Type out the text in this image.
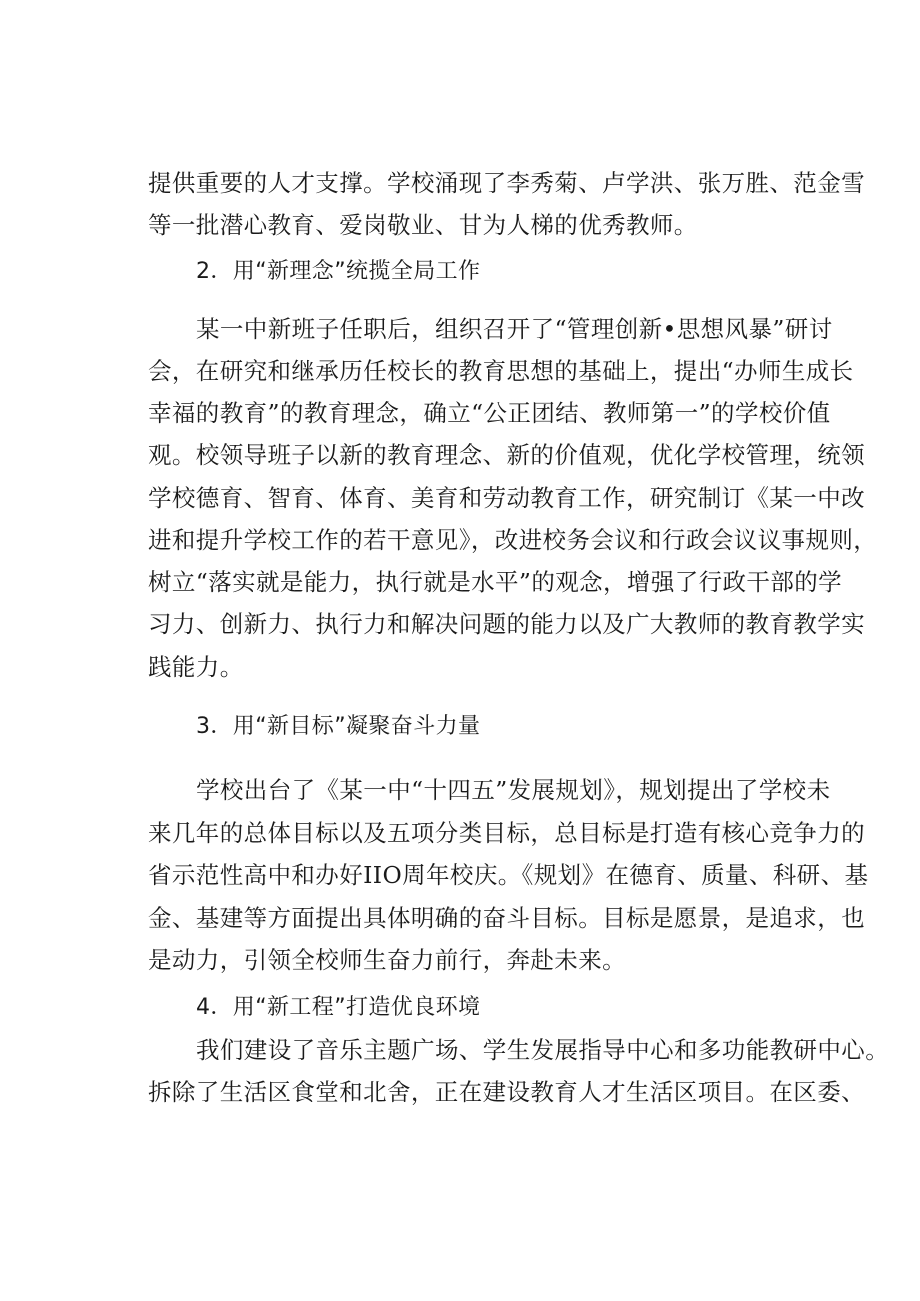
提供重要的人才支撑。学校涌现了李秀菊、卢学洪、张万胜、范金雪
等一批潜心教育、爱岗敬业、甘为人梯的优秀教师。
2．用“新理念”统揽全局工作
某一中新班子任职后，组织召开了“管理创新•思想风暴”研讨
会，在研究和继承历任校长的教育思想的基础上，提出“办师生成长
幸福的教育”的教育理念，确立“公正团结、教师第一”的学校价值
观。校领导班子以新的教育理念、新的价值观，优化学校管理，统领
学校德育、智育、体育、美育和劳动教育工作，研究制订《某一中改
进和提升学校工作的若干意见》，改进校务会议和行政会议议事规则，
树立“落实就是能力，执行就是水平”的观念，增强了行政干部的学
习力、创新力、执行力和解决问题的能力以及广大教师的教育教学实
践能力。
3．用“新目标”凝聚奋斗力量
学校出台了《某一中“十四五”发展规划》，规划提出了学校未
来几年的总体目标以及五项分类目标，总目标是打造有核心竞争力的
省示范性高中和办好IIO周年校庆。《规划》在德育、质量、科研、基
金、基建等方面提出具体明确的奋斗目标。目标是愿景，是追求，也
是动力，引领全校师生奋力前行，奔赴未来。
4．用“新工程”打造优良环境
我们建设了音乐主题广场、学生发展指导中心和多功能教研中心。
拆除了生活区食堂和北舍，正在建设教育人才生活区项目。在区委、
